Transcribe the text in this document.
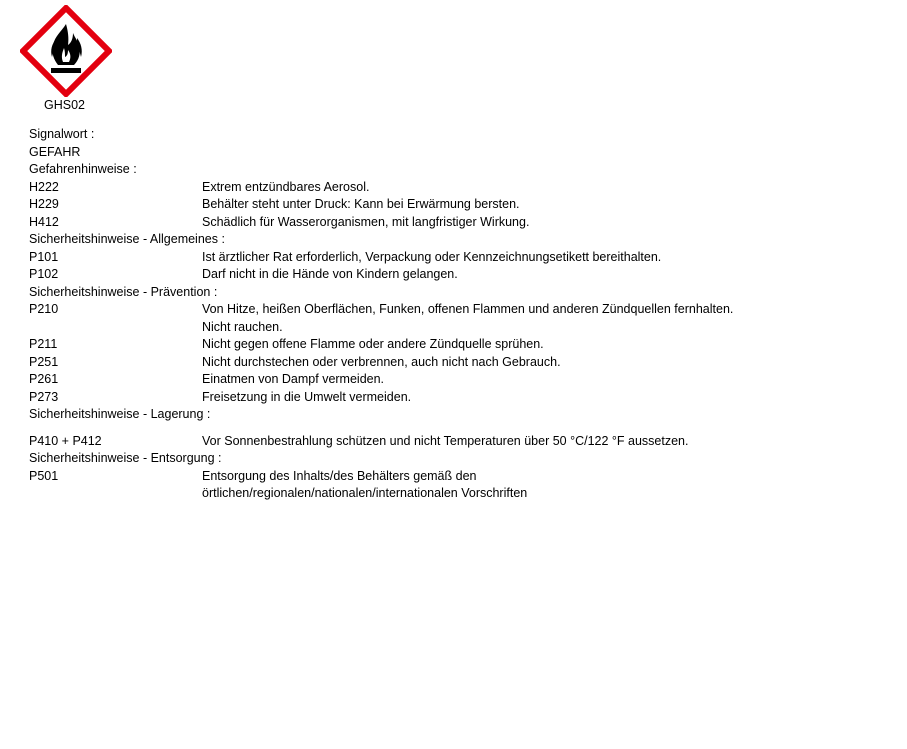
GHS02
Signalwort :
GEFAHR
Gefahrenhinweise :
H222	Extrem entzündbares Aerosol.
H229	Behälter steht unter Druck: Kann bei Erwärmung bersten.
H412	Schädlich für Wasserorganismen, mit langfristiger Wirkung.
Sicherheitshinweise - Allgemeines :
P101	Ist ärztlicher Rat erforderlich, Verpackung oder Kennzeichnungsetikett bereithalten.
P102	Darf nicht in die Hände von Kindern gelangen.
Sicherheitshinweise - Prävention :
P210	Von Hitze, heißen Oberflächen, Funken, offenen Flammen und anderen Zündquellen fernhalten.
Nicht rauchen.
P211	Nicht gegen offene Flamme oder andere Zündquelle sprühen.
P251	Nicht durchstechen oder verbrennen, auch nicht nach Gebrauch.
P261	Einatmen von Dampf vermeiden.
P273	Freisetzung in die Umwelt vermeiden.
Sicherheitshinweise - Lagerung :
P410 + P412	Vor Sonnenbestrahlung schützen und nicht Temperaturen über 50 °C/122 °F aussetzen.
Sicherheitshinweise - Entsorgung :
P501	Entsorgung des Inhalts/des Behälters gemäß den
örtlichen/regionalen/nationalen/internationalen Vorschriften
